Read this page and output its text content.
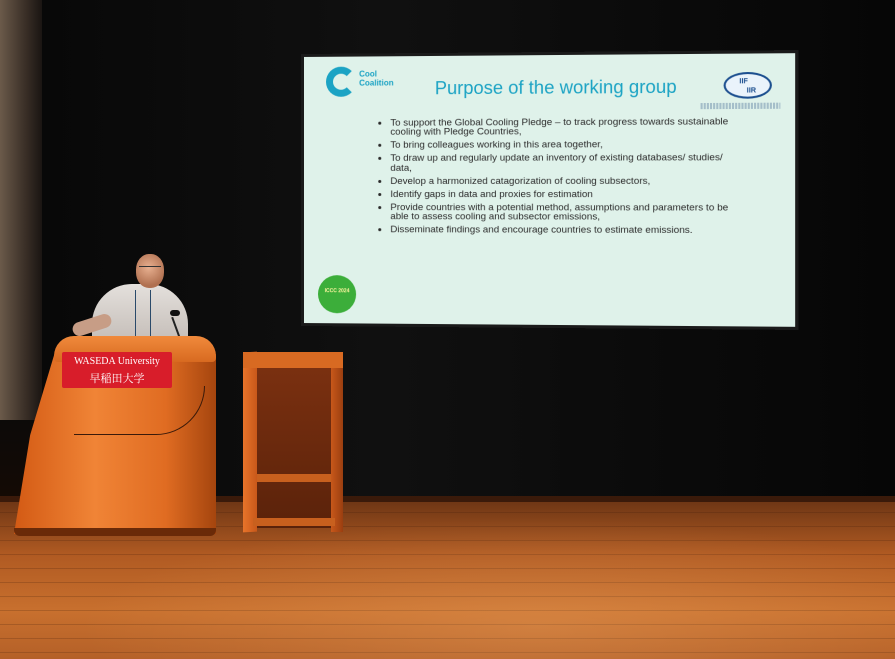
Cool
Coalition Purpose of the working group	IIF
IIR
• To support the Global Cooling Pledge – to track progress towards sustainable cooling with Pledge Countries,
• To bring colleagues working in this area together,
• To draw up and regularly update an inventory of existing databases/ studies/ data,
• Develop a harmonized catagorization of cooling subsectors,
• Identify gaps in data and proxies for estimation
• Provide countries with a potential method, assumptions and parameters to be able to assess cooling and subsector emissions,
• Disseminate findings and encourage countries to estimate emissions.
ICCC 2024
WASEDA University
早稲田大学
